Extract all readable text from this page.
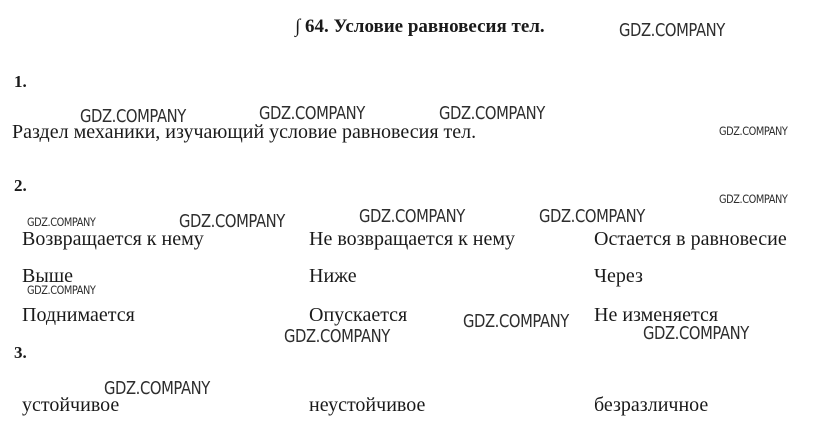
∫ 64. Условие равновесия тел.
1.
Раздел механики, изучающий условие равновесия тел.
2.
Возвращается к нему	Не возвращается к нему	Остается в равновесие
Выше	Ниже	Через
Поднимается	Опускается	Не изменяется
3.
устойчивое	неустойчивое	безразличное
GDZ.COMPANY
GDZ.COMPANY	GDZ.COMPANY	GDZ.COMPANY
GDZ.COMPANY
GDZ.COMPANY
GDZ.COMPANY	GDZ.COMPANY	GDZ.COMPANY	GDZ.COMPANY
GDZ.COMPANY
GDZ.COMPANY
GDZ.COMPANY
GDZ.COMPANY
GDZ.COMPANY
